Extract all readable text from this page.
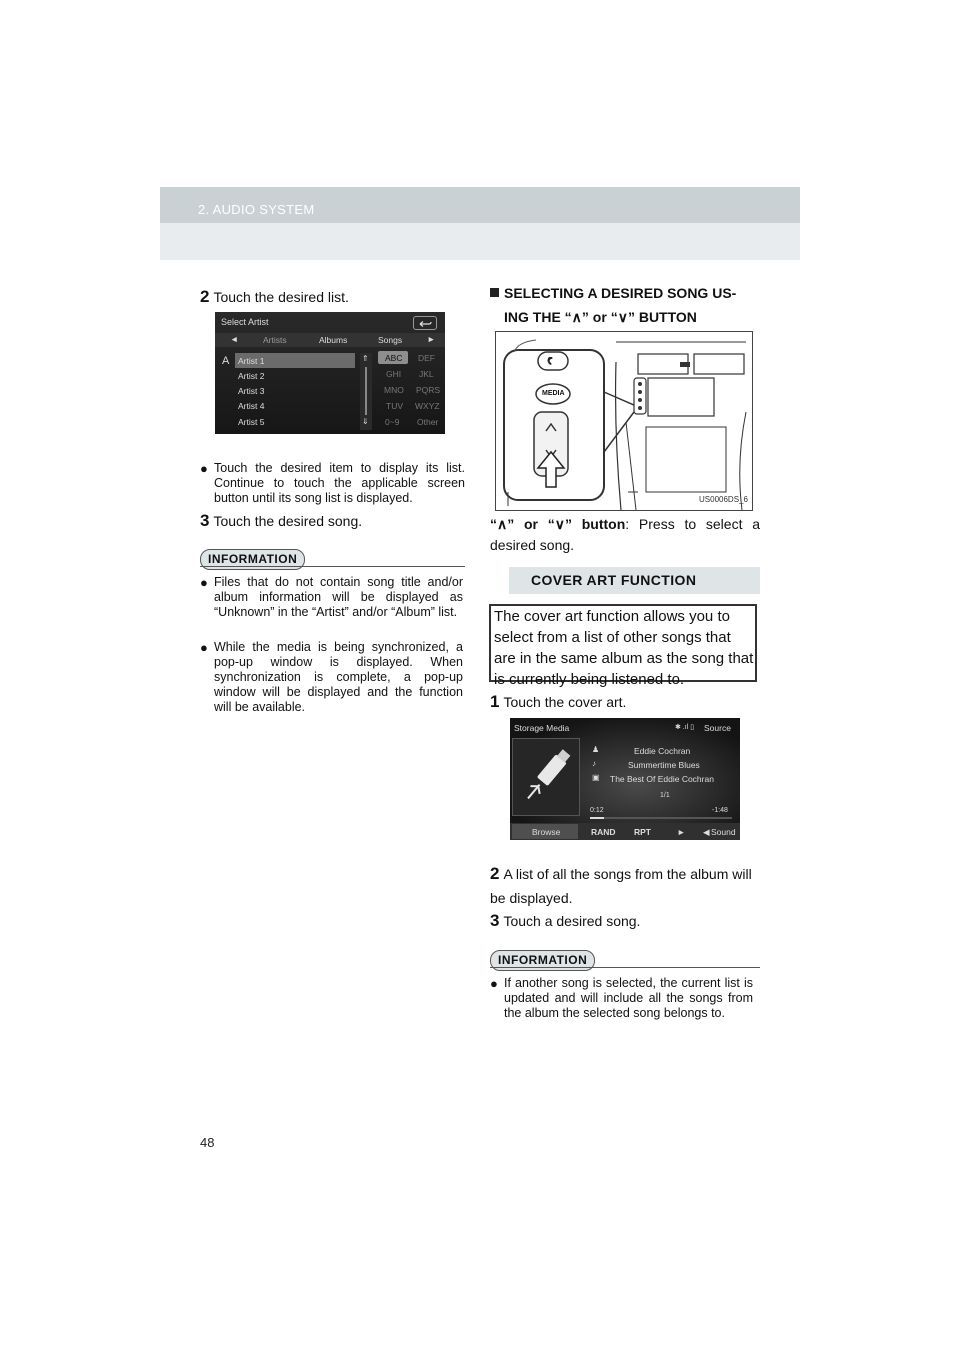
2. AUDIO SYSTEM
2 Touch the desired list.
Select Artist
◄	Artists	Albums	Songs	►
A Artist 1
Artist 2
Artist 3
Artist 4
Artist 5
⇑
⇓
ABC DEF
GHI JKL
MNO PQRS
TUV WXYZ
0~9 Other
● Touch the desired item to display its list. Continue to touch the applicable screen button until its song list is displayed.
3 Touch the desired song.
INFORMATION
● Files that do not contain song title and/or album information will be displayed as “Unknown” in the “Artist” and/or “Album” list.
● While the media is being synchronized, a pop-up window is displayed. When synchronization is complete, a pop-up window will be displayed and the function will be available.
SELECTING A DESIRED SONG US-
ING THE “∧” or “∨” BUTTON
MEDIA
US0006DS_6
“∧” or “∨” button: Press to select a desired song.
COVER ART FUNCTION
The cover art function allows you to select from a list of other songs that are in the same album as the song that is currently being listened to.
1 Touch the cover art.
Storage Media	✱ .ıl ▯ Source
♟
♪
▣
Eddie Cochran
Summertime Blues
The Best Of Eddie Cochran
1/1
0:12	-1:48
Browse	RAND RPT	► ◀ Sound
2 A list of all the songs from the album will be displayed.
3 Touch a desired song.
INFORMATION
● If another song is selected, the current list is updated and will include all the songs from the album the selected song belongs to.
48
